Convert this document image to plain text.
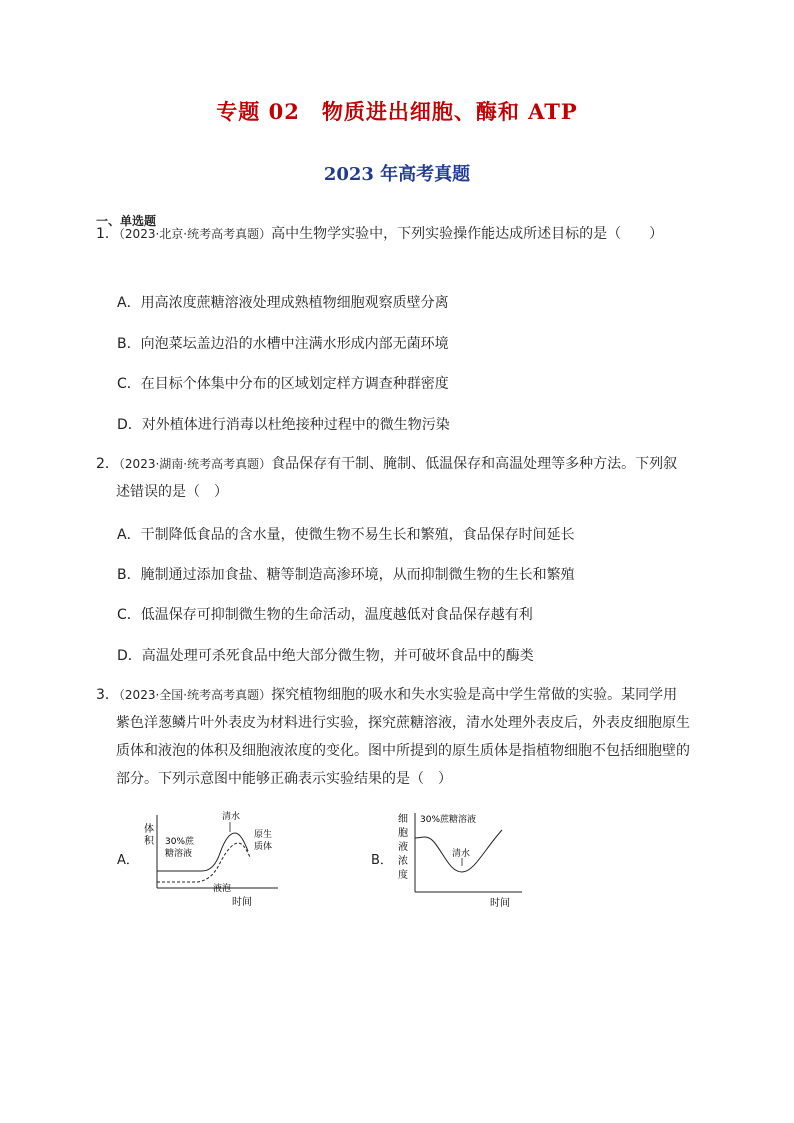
专题 02　物质进出细胞、酶和 ATP
2023 年高考真题
一、单选题
1．（2023·北京·统考高考真题）高中生物学实验中，下列实验操作能达成所述目标的是（　　）
A．用高浓度蔗糖溶液处理成熟植物细胞观察质壁分离
B．向泡菜坛盖边沿的水槽中注满水形成内部无菌环境
C．在目标个体集中分布的区域划定样方调查种群密度
D．对外植体进行消毒以杜绝接种过程中的微生物污染
2．（2023·湖南·统考高考真题）食品保存有干制、腌制、低温保存和高温处理等多种方法。下列叙
述错误的是（　）
A．干制降低食品的含水量，使微生物不易生长和繁殖，食品保存时间延长
B．腌制通过添加食盐、糖等制造高渗环境，从而抑制微生物的生长和繁殖
C．低温保存可抑制微生物的生命活动，温度越低对食品保存越有利
D．高温处理可杀死食品中绝大部分微生物，并可破坏食品中的酶类
3．（2023·全国·统考高考真题）探究植物细胞的吸水和失水实验是高中学生常做的实验。某同学用
紫色洋葱鳞片叶外表皮为材料进行实验，探究蔗糖溶液，清水处理外表皮后，外表皮细胞原生
质体和液泡的体积及细胞液浓度的变化。图中所提到的原生质体是指植物细胞不包括细胞壁的
部分。下列示意图中能够正确表示实验结果的是（　）
A．
体
积 30%蔗
糖溶液
清水
原生
质体
液泡
时间
B．
细
胞
液
浓
度
30%蔗糖溶液
清水
时间
